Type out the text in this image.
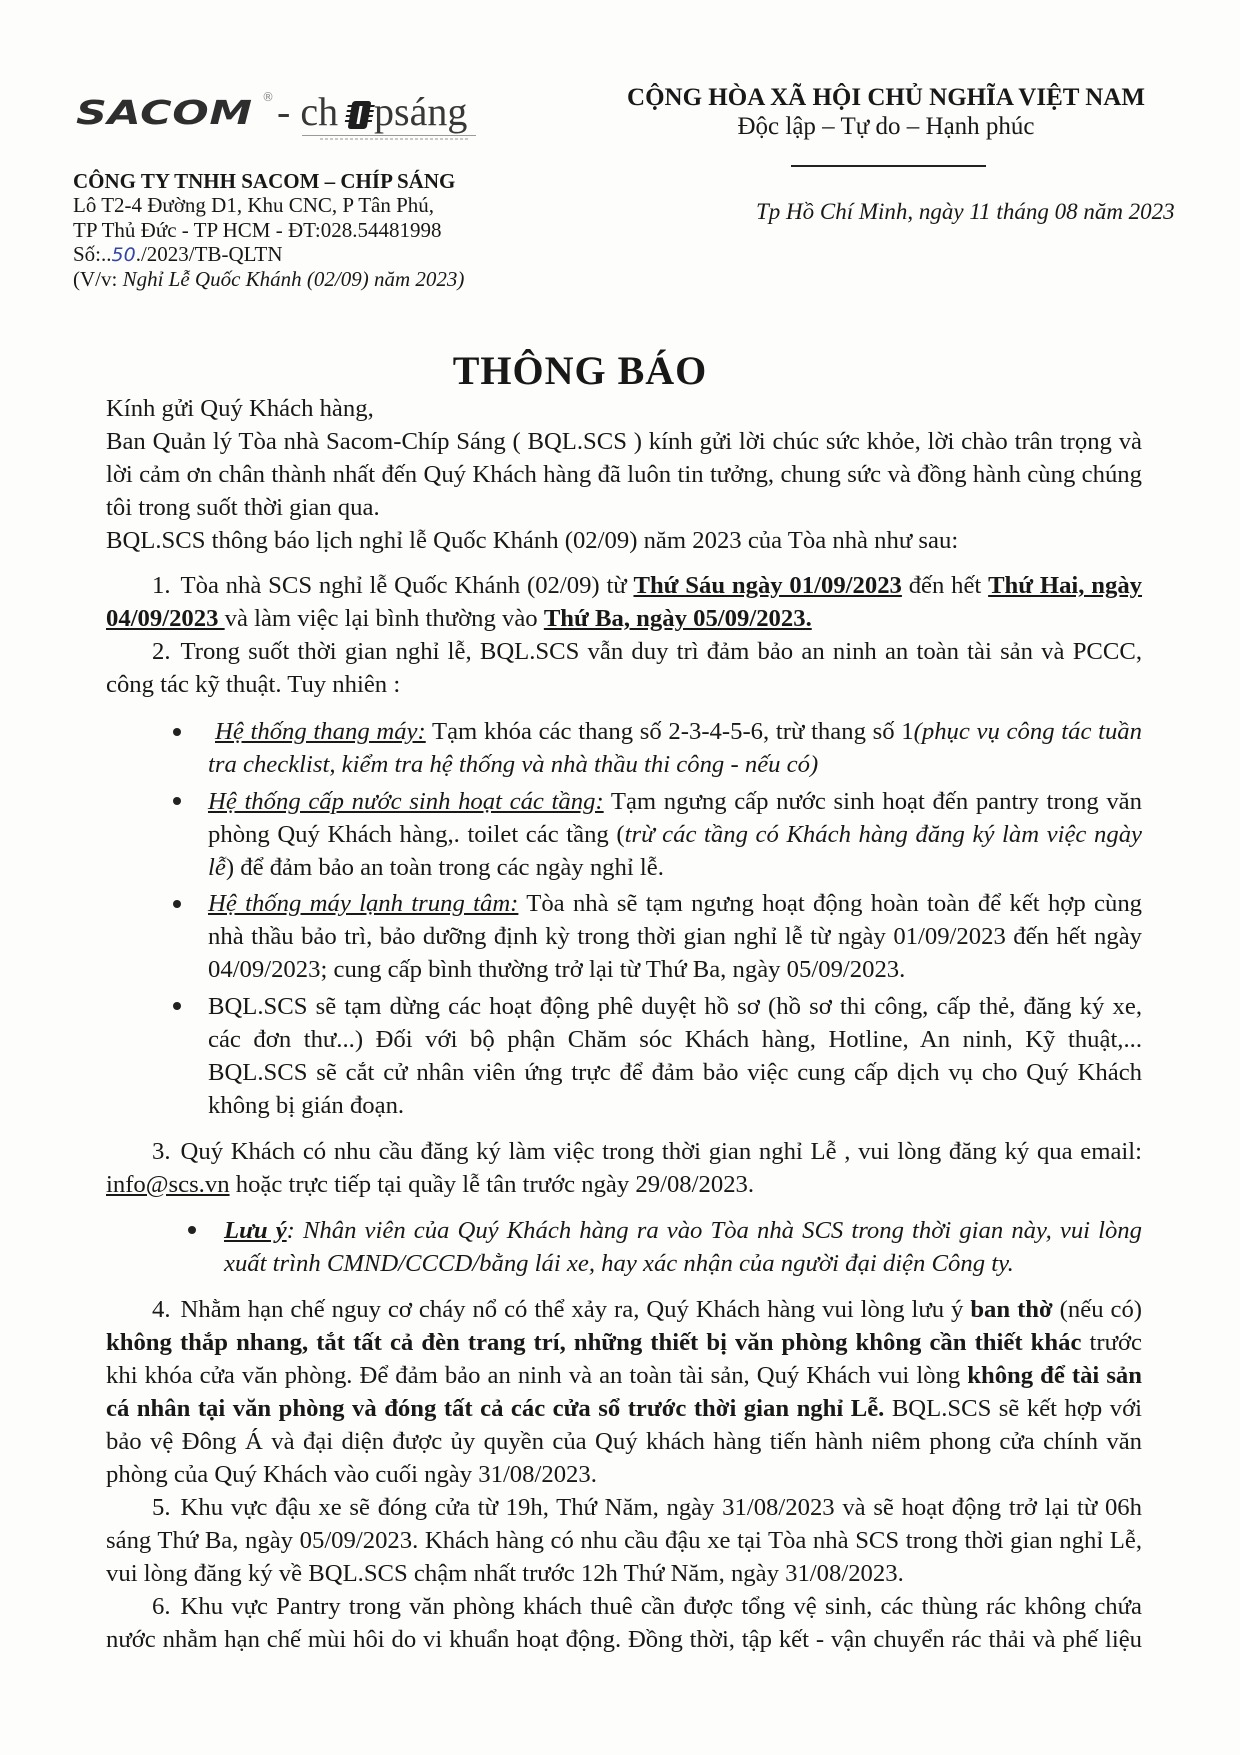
SACOM ® - ch psáng
CÔNG TY TNHH SACOM – CHÍP SÁNG
Lô T2-4 Đường D1, Khu CNC, P Tân Phú,
TP Thủ Đức - TP HCM - ĐT:028.54481998
Số:..50./2023/TB-QLTN
(V/v: Nghỉ Lễ Quốc Khánh (02/09) năm 2023)
CỘNG HÒA XÃ HỘI CHỦ NGHĨA VIỆT NAM
Độc lập – Tự do – Hạnh phúc
Tp Hồ Chí Minh, ngày 11 tháng 08 năm 2023
THÔNG BÁO

Kính gửi Quý Khách hàng,

Ban Quản lý Tòa nhà Sacom-Chíp Sáng ( BQL.SCS ) kính gửi lời chúc sức khỏe, lời chào trân trọng và lời cảm ơn chân thành nhất đến Quý Khách hàng đã luôn tin tưởng, chung sức và đồng hành cùng chúng tôi trong suốt thời gian qua.

BQL.SCS thông báo lịch nghỉ lễ Quốc Khánh (02/09) năm 2023 của Tòa nhà như sau:

1. Tòa nhà SCS nghỉ lễ Quốc Khánh (02/09) từ Thứ Sáu ngày 01/09/2023 đến hết Thứ Hai, ngày 04/09/2023 và làm việc lại bình thường vào Thứ Ba, ngày 05/09/2023.

2. Trong suốt thời gian nghỉ lễ, BQL.SCS vẫn duy trì đảm bảo an ninh an toàn tài sản và PCCC, công tác kỹ thuật. Tuy nhiên :

Hệ thống thang máy: Tạm khóa các thang số 2-3-4-5-6, trừ thang số 1(phục vụ công tác tuần tra checklist, kiểm tra hệ thống và nhà thầu thi công - nếu có)
Hệ thống cấp nước sinh hoạt các tầng: Tạm ngưng cấp nước sinh hoạt đến pantry trong văn phòng Quý Khách hàng,. toilet các tầng (trừ các tầng có Khách hàng đăng ký làm việc ngày lễ) để đảm bảo an toàn trong các ngày nghỉ lễ.
Hệ thống máy lạnh trung tâm: Tòa nhà sẽ tạm ngưng hoạt động hoàn toàn để kết hợp cùng nhà thầu bảo trì, bảo dưỡng định kỳ trong thời gian nghỉ lễ từ ngày 01/09/2023 đến hết ngày 04/09/2023; cung cấp bình thường trở lại từ Thứ Ba, ngày 05/09/2023.
BQL.SCS sẽ tạm dừng các hoạt động phê duyệt hồ sơ (hồ sơ thi công, cấp thẻ, đăng ký xe, các đơn thư...) Đối với bộ phận Chăm sóc Khách hàng, Hotline, An ninh, Kỹ thuật,... BQL.SCS sẽ cắt cử nhân viên ứng trực để đảm bảo việc cung cấp dịch vụ cho Quý Khách không bị gián đoạn.

3. Quý Khách có nhu cầu đăng ký làm việc trong thời gian nghỉ Lễ , vui lòng đăng ký qua email: info@scs.vn hoặc trực tiếp tại quầy lễ tân trước ngày 29/08/2023.

Lưu ý: Nhân viên của Quý Khách hàng ra vào Tòa nhà SCS trong thời gian này, vui lòng xuất trình CMND/CCCD/bằng lái xe, hay xác nhận của người đại diện Công ty.

4. Nhằm hạn chế nguy cơ cháy nổ có thể xảy ra, Quý Khách hàng vui lòng lưu ý ban thờ (nếu có) không thắp nhang, tắt tất cả đèn trang trí, những thiết bị văn phòng không cần thiết khác trước khi khóa cửa văn phòng. Để đảm bảo an ninh và an toàn tài sản, Quý Khách vui lòng không để tài sản cá nhân tại văn phòng và đóng tất cả các cửa sổ trước thời gian nghỉ Lễ. BQL.SCS sẽ kết hợp với bảo vệ Đông Á và đại diện được ủy quyền của Quý khách hàng tiến hành niêm phong cửa chính văn phòng của Quý Khách vào cuối ngày 31/08/2023.

5. Khu vực đậu xe sẽ đóng cửa từ 19h, Thứ Năm, ngày 31/08/2023 và sẽ hoạt động trở lại từ 06h sáng Thứ Ba, ngày 05/09/2023. Khách hàng có nhu cầu đậu xe tại Tòa nhà SCS trong thời gian nghỉ Lễ, vui lòng đăng ký về BQL.SCS chậm nhất trước 12h Thứ Năm, ngày 31/08/2023.

6. Khu vực Pantry trong văn phòng khách thuê cần được tổng vệ sinh, các thùng rác không chứa nước nhằm hạn chế mùi hôi do vi khuẩn hoạt động. Đồng thời, tập kết - vận chuyển rác thải và phế liệu
